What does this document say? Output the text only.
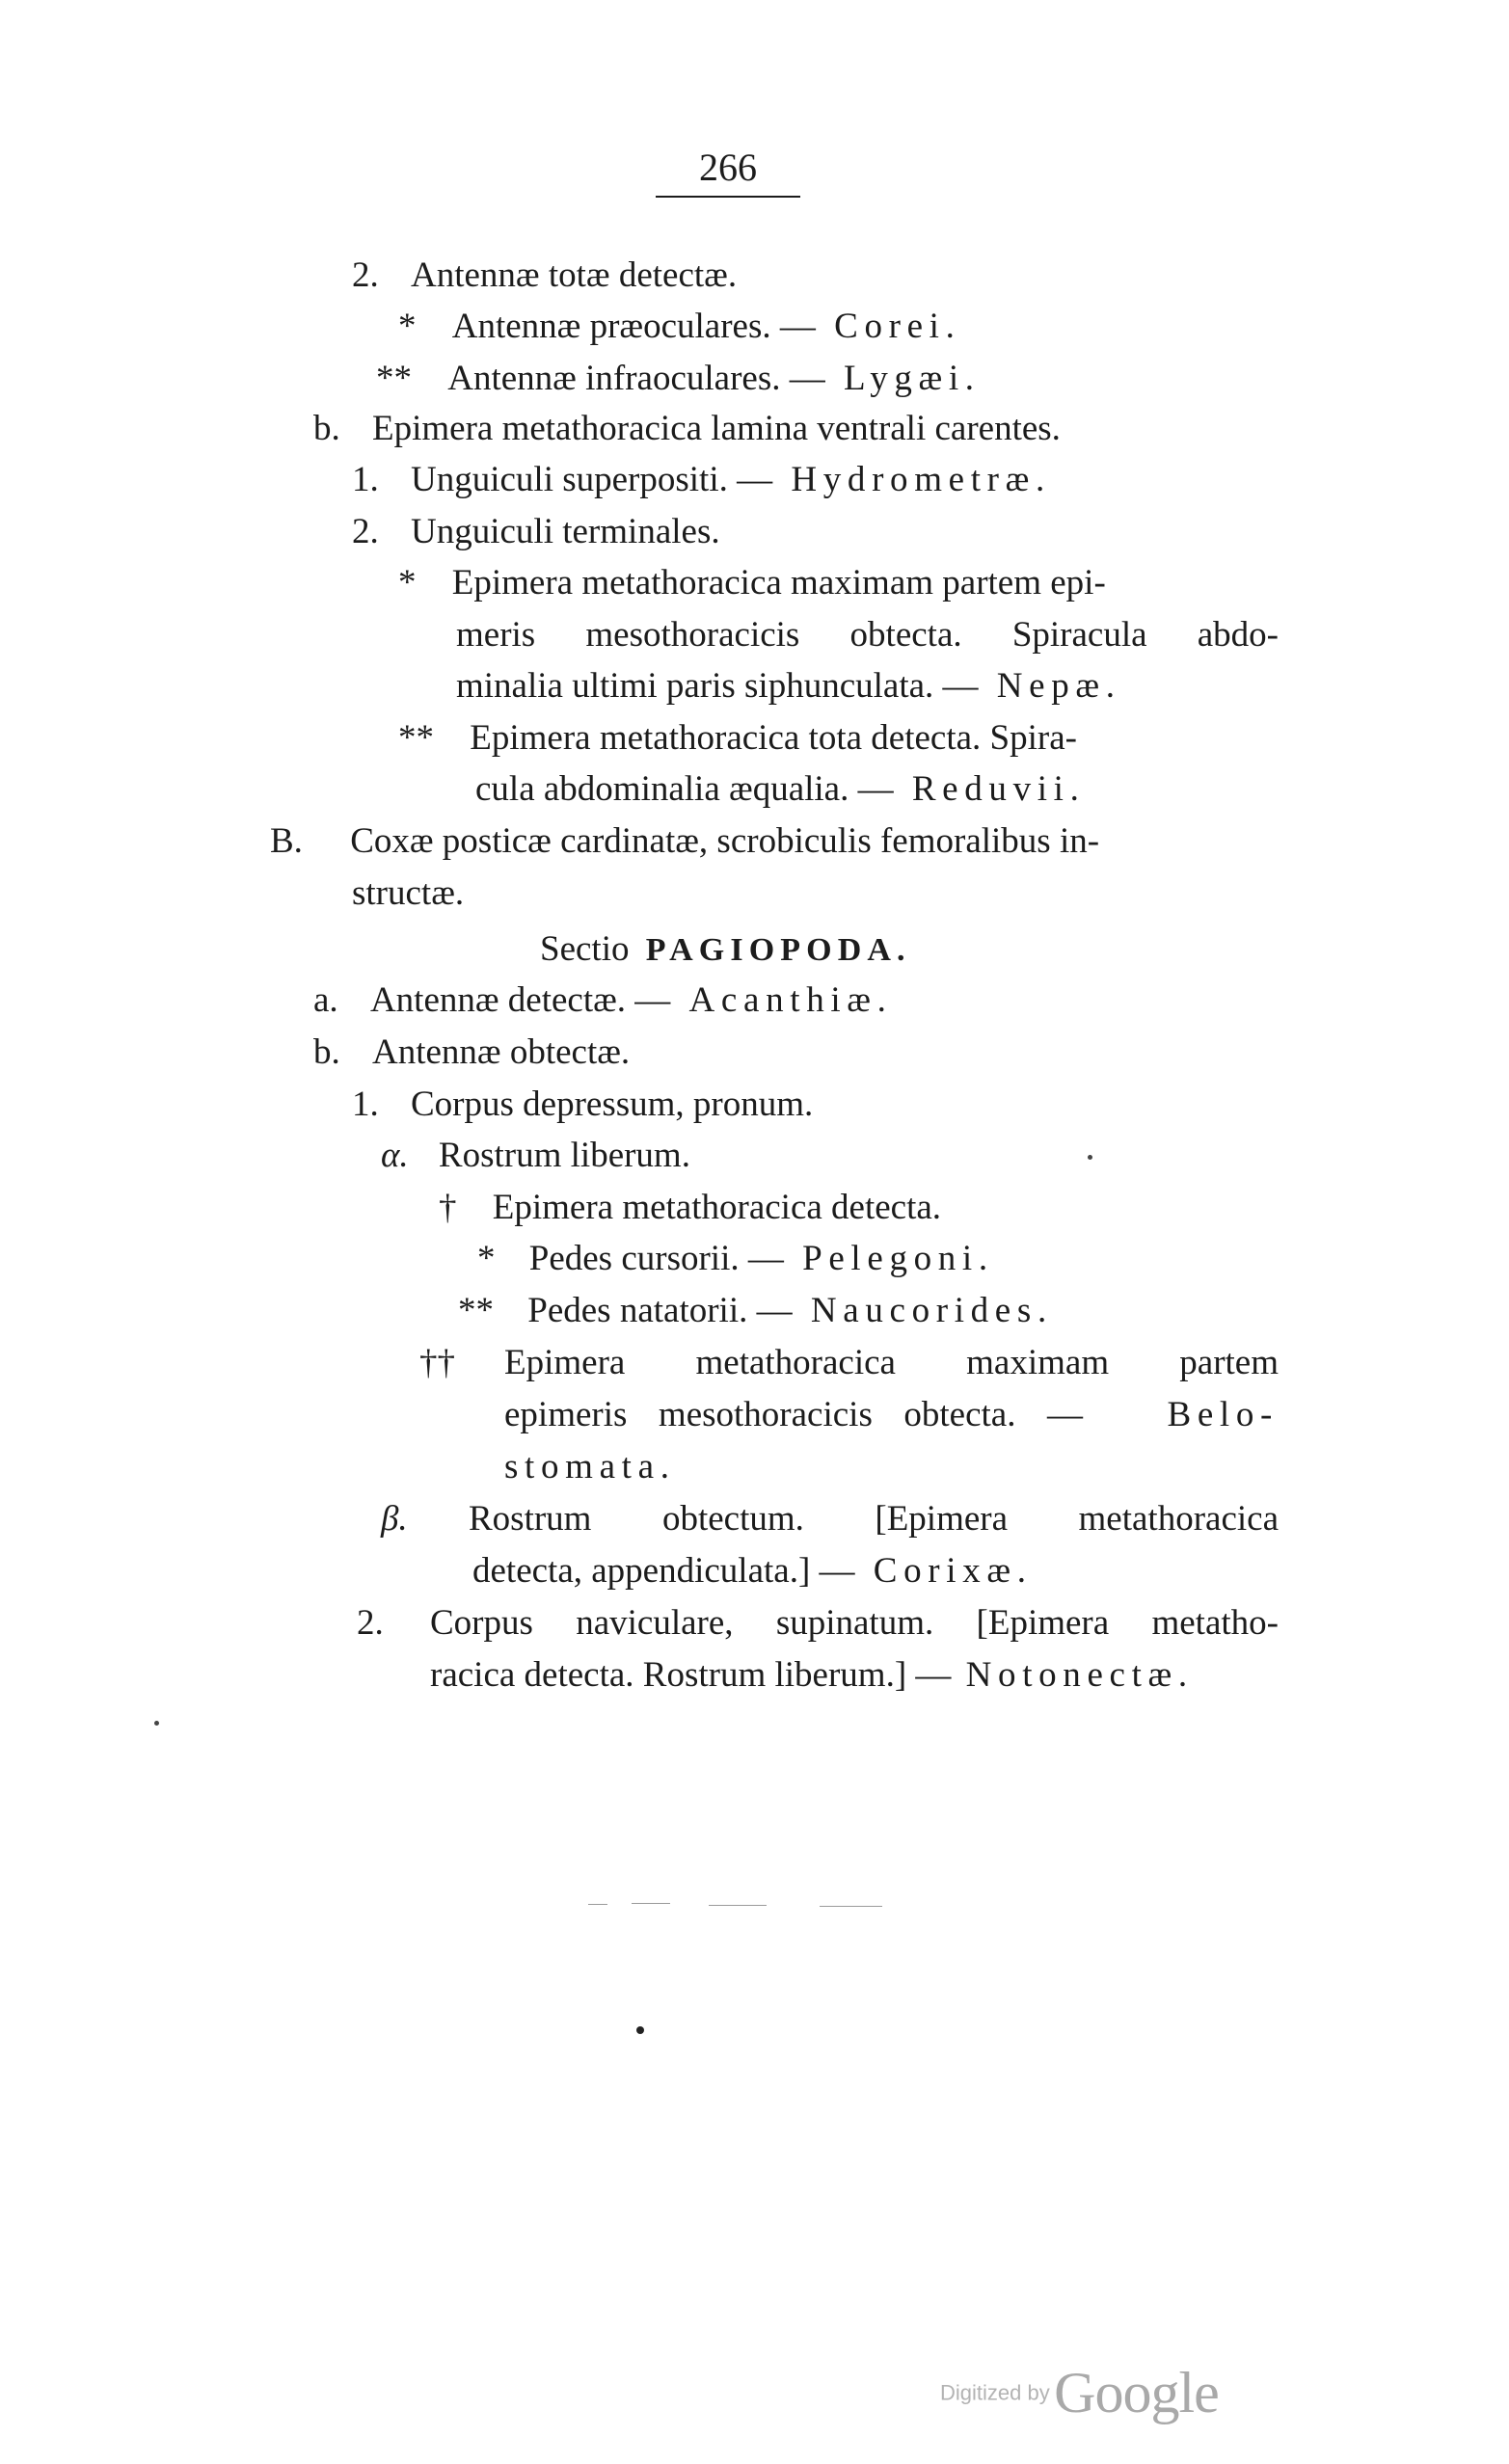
266
2. Antennæ totæ detectæ.
* Antennæ præoculares. — Corei.
** Antennæ infraoculares. — Lygæi.
b. Epimera metathoracica lamina ventrali carentes.
1. Unguiculi superpositi. — Hydrometræ.
2. Unguiculi terminales.
* Epimera metathoracica maximam partem epi-
meris mesothoracicis obtecta. Spiracula abdo-
minalia ultimi paris siphunculata. — Nepæ.
** Epimera metathoracica tota detecta. Spira-
cula abdominalia æqualia. — Reduvii.
B. Coxæ posticæ cardinatæ, scrobiculis femoralibus in-
structæ.
Sectio PAGIOPODA.
a. Antennæ detectæ. — Acanthiæ.
b. Antennæ obtectæ.
1. Corpus depressum, pronum.
α. Rostrum liberum.
† Epimera metathoracica detecta.
* Pedes cursorii. — Pelegoni.
** Pedes natatorii. — Naucorides.
†† Epimera metathoracica maximam partem
epimeris mesothoracicis obtecta. — Belo-
stomata.
β. Rostrum obtectum. [Epimera metathoracica
detecta, appendiculata.] — Corixæ.
2. Corpus naviculare, supinatum. [Epimera metatho-
racica detecta. Rostrum liberum.] — Notonectæ.
Digitized by Google
